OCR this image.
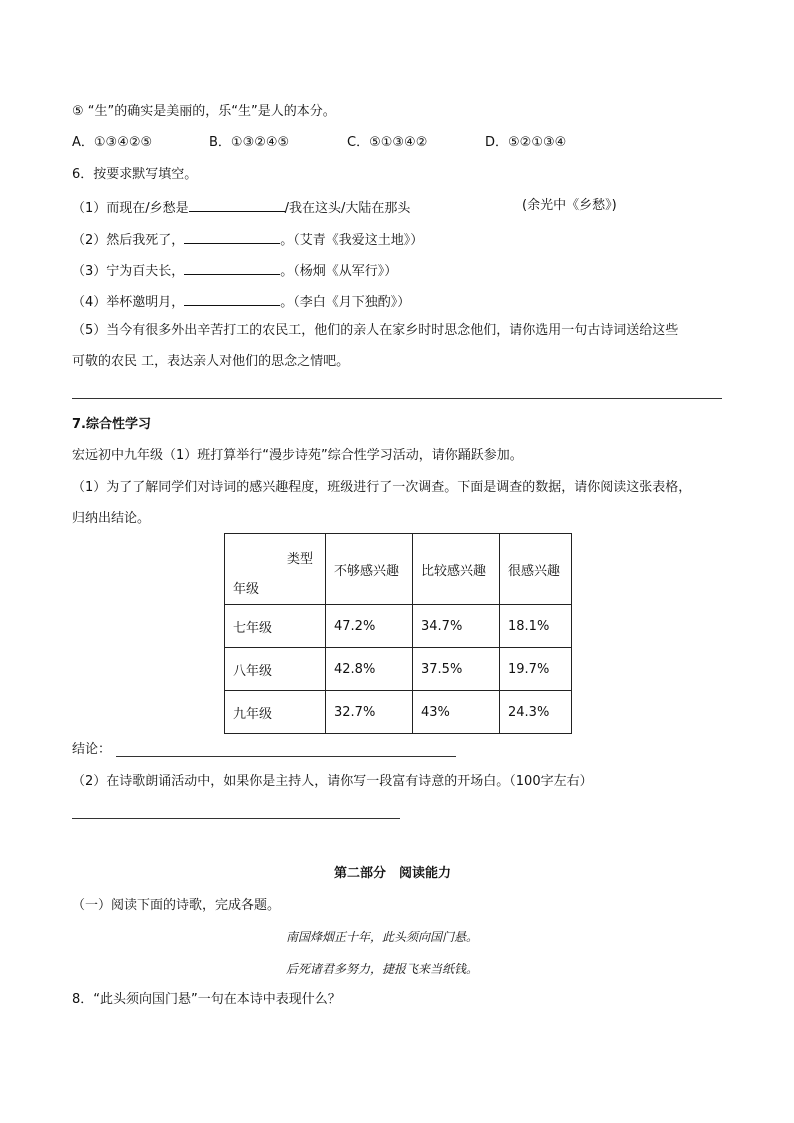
⑤ “生”的确实是美丽的，乐“生”是人的本分。
A．①③④②⑤	B．①③②④⑤	C．⑤①③④②	D．⑤②①③④
6．按要求默写填空。
（1）而现在/乡愁是	/我在这头/大陆在那头	(余光中《乡愁》)
（2）然后我死了，	。（艾青《我爱这土地》）
（3）宁为百夫长，	。（杨炯《从军行》）
（4）举杯邀明月，	。（李白《月下独酌》）
（5）当今有很多外出辛苦打工的农民工，他们的亲人在家乡时时思念他们，请你选用一句古诗词送给这些
可敬的农民 工，表达亲人对他们的思念之情吧。
7.综合性学习
宏远初中九年级（1）班打算举行“漫步诗苑”综合性学习活动，请你踊跃参加。
（1）为了了解同学们对诗词的感兴趣程度，班级进行了一次调查。下面是调查的数据，请你阅读这张表格，
归纳出结论。
类型
年级	不够感兴趣	比较感兴趣	很感兴趣
七年级	47.2%	34.7%	18.1%
八年级	42.8%	37.5%	19.7%
九年级	32.7%	43%	24.3%
结论：
（2）在诗歌朗诵活动中，如果你是主持人，请你写一段富有诗意的开场白。（100字左右）
第二部分　阅读能力
（一）阅读下面的诗歌，完成各题。
南国烽烟正十年，此头须向国门悬。
后死诸君多努力，捷报飞来当纸钱。
8．“此头须向国门悬”一句在本诗中表现什么？
